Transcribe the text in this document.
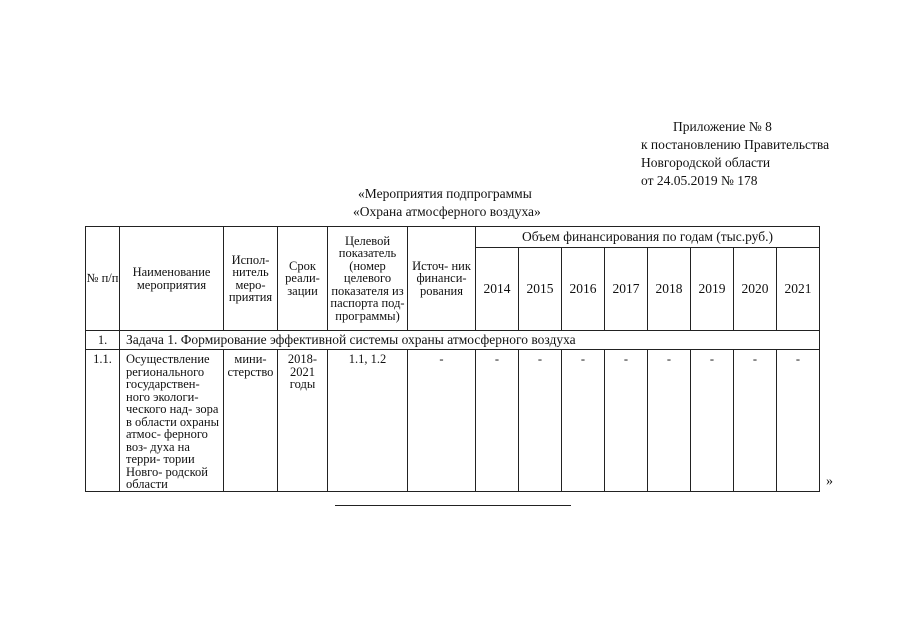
Приложение № 8
к постановлению Правительства
Новгородской области
от 24.05.2019 № 178
«Мероприятия подпрограммы
«Охрана атмосферного воздуха»
№ п/п	Наименование мероприятия	Испол- нитель меро- приятия	Срок реали- зации	Целевой показатель (номер целевого показателя из паспорта под- программы)	Источ- ник финанси- рования	Объем финансирования по годам (тыс.руб.)							
						2014	2015	2016	2017	2018	2019	2020	2021
1.	Задача 1. Формирование эффективной системы охраны атмосферного воздуха												
1.1.	Осуществление регионального государствен- ного экологи- ческого над- зора в области охраны атмос- ферного воз- духа на терри- тории Новго- родской области	мини- стерство	2018- 2021 годы	1.1, 1.2	-	-	-	-	-	-	-	-	-
»
